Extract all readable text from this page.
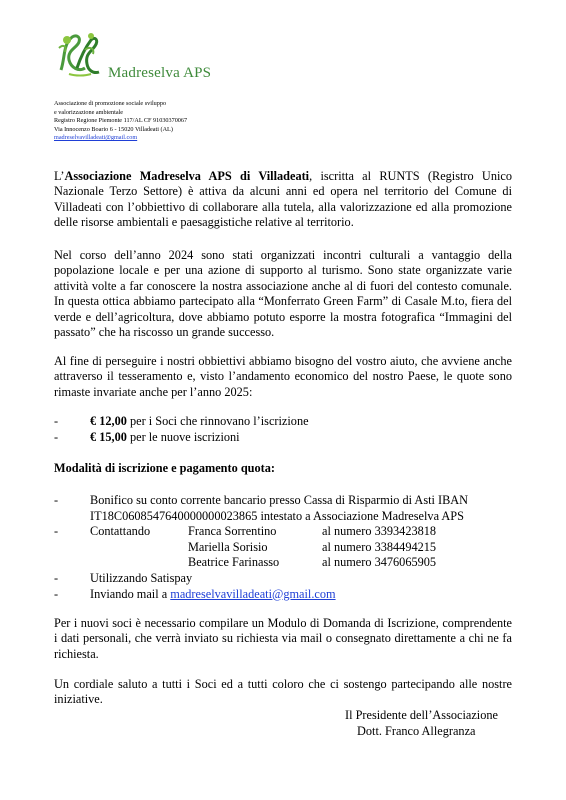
Madreselva APS
Associazione di promozione sociale sviluppo
e valorizzazione ambientale
Registro Regione Piemonte 117/AL CF 91030370067
Via Innocenzo Boario 6 - 15020 Villadeati (AL)
madreselvavilladeati@gmail.com
L’Associazione Madreselva APS di Villadeati, iscritta al RUNTS (Registro Unico Nazionale Terzo Settore) è attiva da alcuni anni ed opera nel territorio del Comune di Villadeati con l’obbiettivo di collaborare alla tutela, alla valorizzazione ed alla promozione delle risorse ambientali e paesaggistiche relative al territorio.
Nel corso dell’anno 2024 sono stati organizzati incontri culturali a vantaggio della popolazione locale e per una azione di supporto al turismo. Sono state organizzate varie attività volte a far conoscere la nostra associazione anche al di fuori del contesto comunale. In questa ottica abbiamo partecipato alla “Monferrato Green Farm” di Casale M.to, fiera del verde e dell’agricoltura, dove abbiamo potuto esporre la mostra fotografica “Immagini del passato” che ha riscosso un grande successo.
Al fine di perseguire i nostri obbiettivi abbiamo bisogno del vostro aiuto, che avviene anche attraverso il tesseramento e, visto l’andamento economico del nostro Paese, le quote sono rimaste invariate anche per l’anno 2025:
-	€ 12,00 per i Soci che rinnovano l’iscrizione
-	€ 15,00 per le nuove iscrizioni
Modalità di iscrizione e pagamento quota:
-	Bonifico su conto corrente bancario presso Cassa di Risparmio di Asti IBAN
IT18C0608547640000000023865 intestato a Associazione Madreselva APS
-	Contattando	Franca Sorrentino	al numero 3393423818
Mariella Sorisio	al numero 3384494215
Beatrice Farinasso	al numero 3476065905
-	Utilizzando Satispay
-	Inviando mail a madreselvavilladeati@gmail.com
Per i nuovi soci è necessario compilare un Modulo di Domanda di Iscrizione, comprendente i dati personali, che verrà inviato su richiesta via mail o consegnato direttamente a chi ne fa richiesta.
Un cordiale saluto a tutti i Soci ed a tutti coloro che ci sostengo partecipando alle nostre iniziative.
Il Presidente dell’Associazione
Dott. Franco Allegranza
